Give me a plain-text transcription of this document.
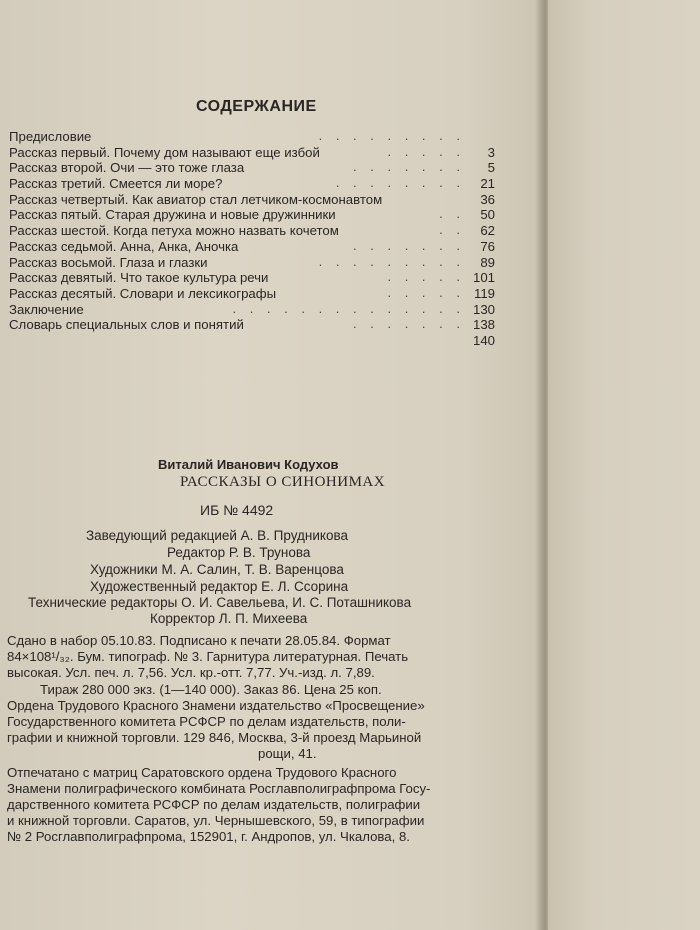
СОДЕРЖАНИЕ
Предисловие	. . . . . . . . .
Рассказ первый. Почему дом называют еще избой	. . . . . 3
Рассказ второй. Очи — это тоже глаза	. . . . . . . 5
Рассказ третий. Смеется ли море?	. . . . . . . . 21
Рассказ четвертый. Как авиатор стал летчиком-космонавтом	36
Рассказ пятый. Старая дружина и новые дружинники	. . 50
Рассказ шестой. Когда петуха можно назвать кочетом	. . 62
Рассказ седьмой. Анна, Анка, Аночка	. . . . . . . 76
Рассказ восьмой. Глаза и глазки	. . . . . . . . . 89
Рассказ девятый. Что такое культура речи	. . . . . 101
Рассказ десятый. Словари и лексикографы	. . . . . 119
Заключение	. . . . . . . . . . . . . . 130
Словарь специальных слов и понятий	. . . . . . . 138
140
Виталий Иванович Кодухов
РАССКАЗЫ О СИНОНИМАХ
ИБ № 4492
Заведующий редакцией А. В. Прудникова
Редактор Р. В. Трунова
Художники М. А. Салин, Т. В. Варенцова
Художественный редактор Е. Л. Ссорина
Технические редакторы О. И. Савельева, И. С. Поташникова
Корректор Л. П. Михеева
Сдано в набор 05.10.83. Подписано к печати 28.05.84. Формат
84×108¹/₃₂. Бум. типограф. № 3. Гарнитура литературная. Печать
высокая. Усл. печ. л. 7,56. Усл. кр.-отт. 7,77. Уч.-изд. л. 7,89.
Тираж 280 000 экз. (1—140 000). Заказ 86. Цена 25 коп.
Ордена Трудового Красного Знамени издательство «Просвещение»
Государственного комитета РСФСР по делам издательств, поли-
графии и книжной торговли. 129 846, Москва, 3-й проезд Марьиной
рощи, 41.
Отпечатано с матриц Саратовского ордена Трудового Красного
Знамени полиграфического комбината Росглавполиграфпрома Госу-
дарственного комитета РСФСР по делам издательств, полиграфии
и книжной торговли. Саратов, ул. Чернышевского, 59, в типографии
№ 2 Росглавполиграфпрома, 152901, г. Андропов, ул. Чкалова, 8.
